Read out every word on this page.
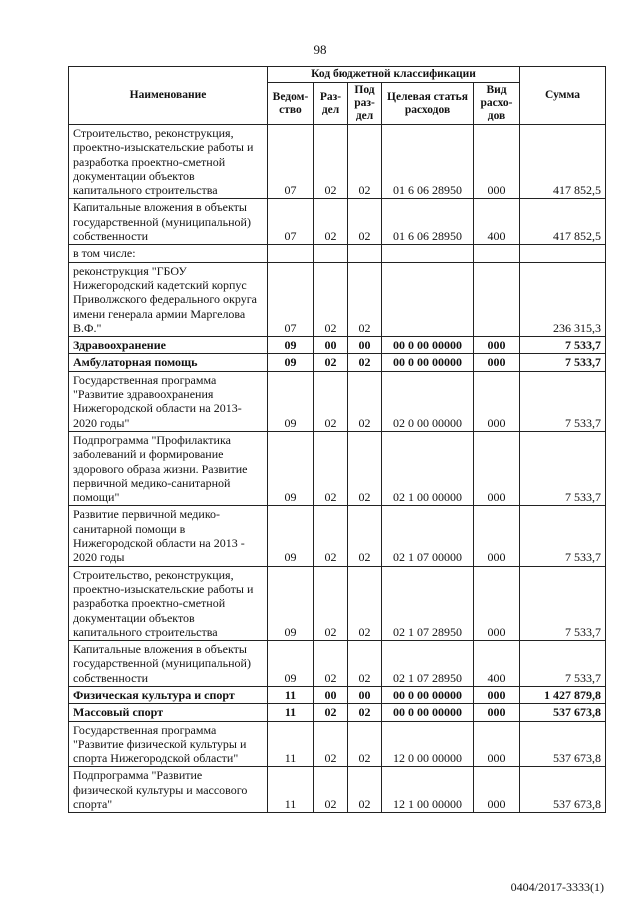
98
Наименование	Код бюджетной классификации					Сумма
	Ведом-ство	Раз-дел	Под раз-дел	Целевая статья расходов	Вид расхо-дов	
Строительство, реконструкция, проектно-изыскательские работы и разработка проектно-сметной документации объектов капитального строительства	07	02	02	01 6 06 28950	000	417 852,5
Капитальные вложения в объекты государственной (муниципальной) собственности	07	02	02	01 6 06 28950	400	417 852,5
в том числе:						
реконструкция "ГБОУ Нижегородский кадетский корпус Приволжского федерального округа имени генерала армии Маргелова В.Ф."	07	02	02			236 315,3
Здравоохранение	09	00	00	00 0 00 00000	000	7 533,7
Амбулаторная помощь	09	02	02	00 0 00 00000	000	7 533,7
Государственная программа "Развитие здравоохранения Нижегородской области на 2013-2020 годы"	09	02	02	02 0 00 00000	000	7 533,7
Подпрограмма "Профилактика заболеваний и формирование здорового образа жизни. Развитие первичной медико-санитарной помощи"	09	02	02	02 1 00 00000	000	7 533,7
Развитие первичной медико-санитарной помощи в Нижегородской области на 2013 - 2020 годы	09	02	02	02 1 07 00000	000	7 533,7
Строительство, реконструкция, проектно-изыскательские работы и разработка проектно-сметной документации объектов капитального строительства	09	02	02	02 1 07 28950	000	7 533,7
Капитальные вложения в объекты государственной (муниципальной) собственности	09	02	02	02 1 07 28950	400	7 533,7
Физическая культура и спорт	11	00	00	00 0 00 00000	000	1 427 879,8
Массовый спорт	11	02	02	00 0 00 00000	000	537 673,8
Государственная программа "Развитие физической культуры и спорта Нижегородской области"	11	02	02	12 0 00 00000	000	537 673,8
Подпрограмма "Развитие физической культуры и массового спорта"	11	02	02	12 1 00 00000	000	537 673,8
0404/2017-3333(1)
